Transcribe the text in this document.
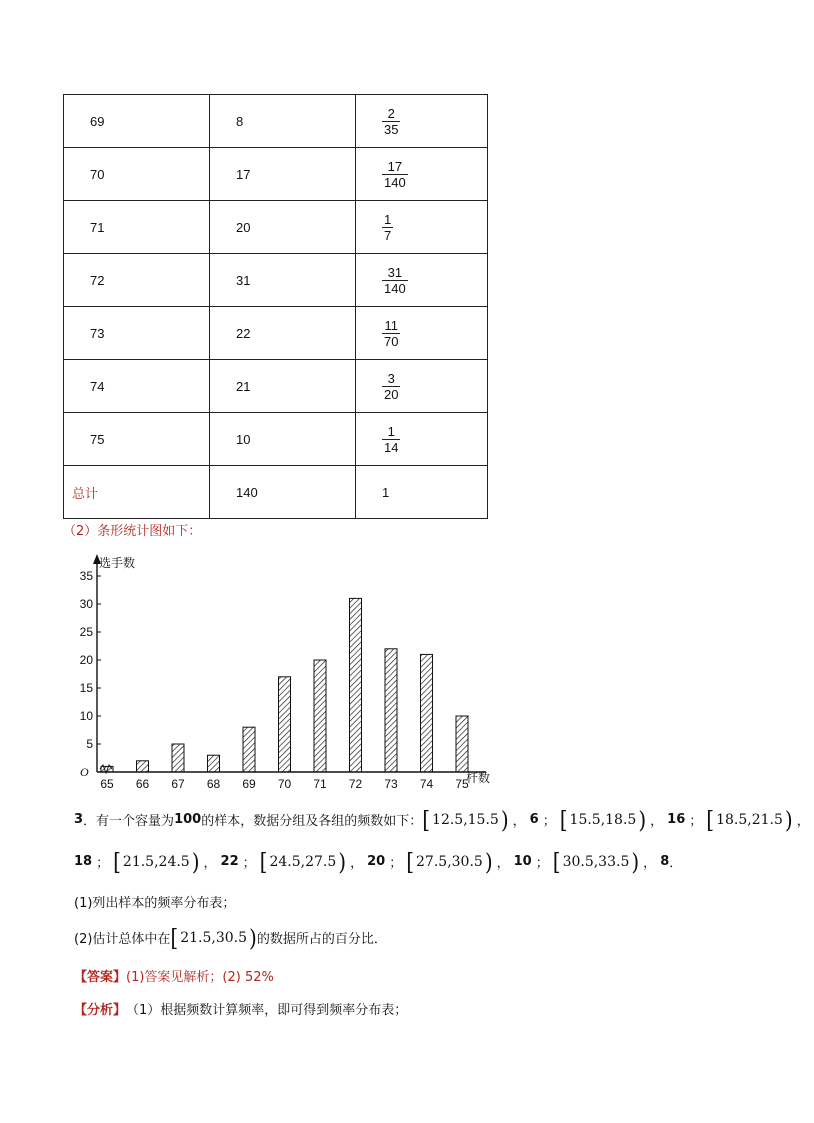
69	8	$\frac{2}{35}$

70	17	$\frac{17}{140}$

71	20	$\frac{1}{7}$

72	31	$\frac{31}{140}$

73	22	$\frac{11}{70}$

74	21	$\frac{3}{20}$

75	10	$\frac{1}{14}$

总计	140	1
（2）条形统计图如下：
5
10
15
20
25
30
35
O
选手数
65 66 67 68 69 70 71 72 73 74 75
杆数
3 ．有一个容量为 100 的样本，数据分组及各组的频数如下： [ 12.5,15.5 ) ， 6 ； [ 15.5,18.5 ) ， 16 ； [ 18.5,21.5 ) ，
18 ； [ 21.5,24.5 ) ， 22 ； [ 24.5,27.5 ) ， 20 ； [ 27.5,30.5 ) ， 10 ； [ 30.5,33.5 ) ， 8 ．
(1)列出样本的频率分布表；
(2)估计总体中在 [ 21.5,30.5 ) 的数据所占的百分比．
【答案】 (1)答案见解析；(2) 52%
【分析】 （1）根据频数计算频率，即可得到频率分布表；
